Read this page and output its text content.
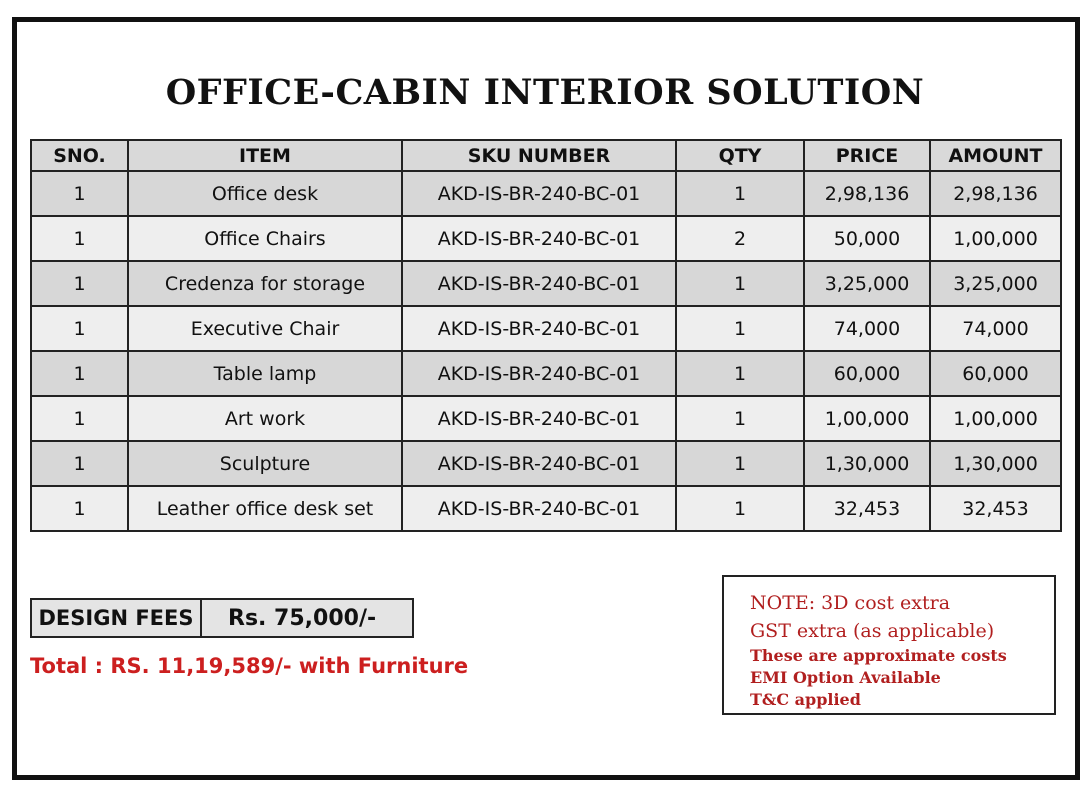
OFFICE-CABIN INTERIOR SOLUTION
SNO.	ITEM	SKU NUMBER	QTY	PRICE	AMOUNT
1	Office desk	AKD-IS-BR-240-BC-01	1	2,98,136	2,98,136
1	Office Chairs	AKD-IS-BR-240-BC-01	2	50,000	1,00,000
1	Credenza for storage	AKD-IS-BR-240-BC-01	1	3,25,000	3,25,000
1	Executive Chair	AKD-IS-BR-240-BC-01	1	74,000	74,000
1	Table lamp	AKD-IS-BR-240-BC-01	1	60,000	60,000
1	Art work	AKD-IS-BR-240-BC-01	1	1,00,000	1,00,000
1	Sculpture	AKD-IS-BR-240-BC-01	1	1,30,000	1,30,000
1	Leather office desk set	AKD-IS-BR-240-BC-01	1	32,453	32,453
DESIGN FEES	Rs. 75,000/-
Total : RS. 11,19,589/- with Furniture
NOTE: 3D cost extra
GST extra (as applicable)
These are approximate costs
EMI Option Available
T&C applied
